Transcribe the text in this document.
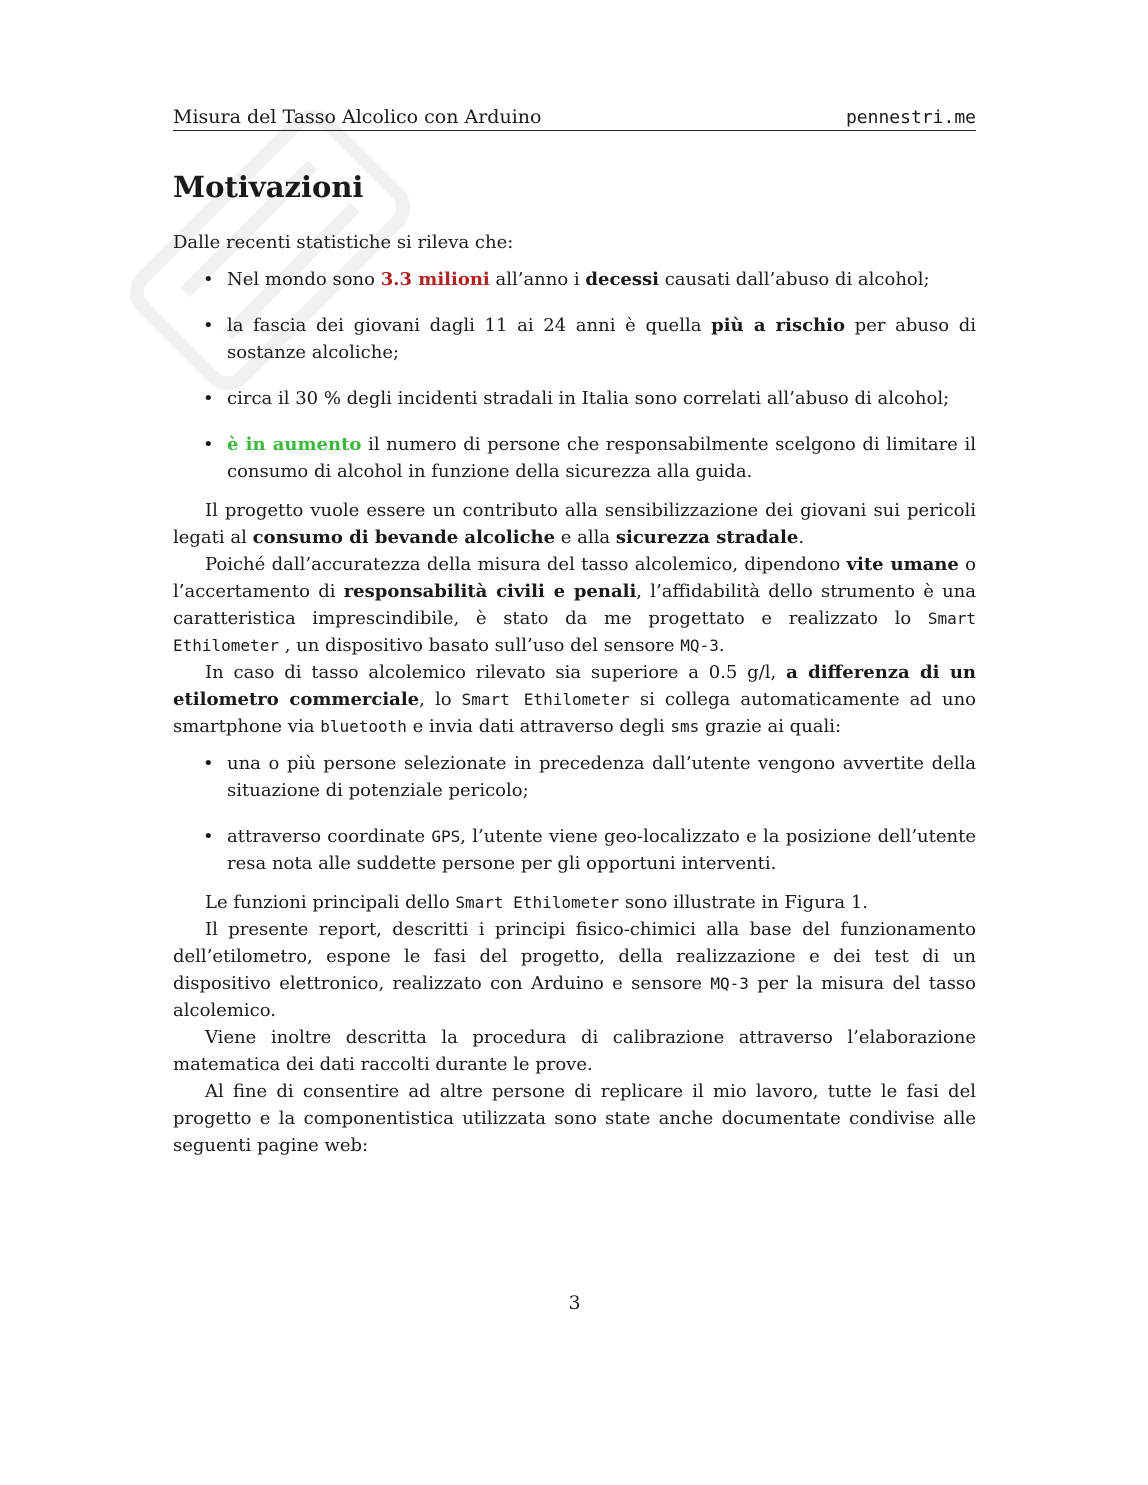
Misura del Tasso Alcolico con Arduino	pennestri.me
Motivazioni

Dalle recenti statistiche si rileva che:

• Nel mondo sono 3.3 milioni all’anno i decessi causati dall’abuso di alcohol;
• la fascia dei giovani dagli 11 ai 24 anni è quella più a rischio per abuso di sostanze alcoliche;
• circa il 30 % degli incidenti stradali in Italia sono correlati all’abuso di alcohol;
• è in aumento il numero di persone che responsabilmente scelgono di limitare il consumo di alcohol in funzione della sicurezza alla guida.

Il progetto vuole essere un contributo alla sensibilizzazione dei giovani sui pericoli legati al consumo di bevande alcoliche e alla sicurezza stradale.

Poiché dall’accuratezza della misura del tasso alcolemico, dipendono vite umane o l’accertamento di responsabilità civili e penali, l’affidabilità dello strumento è una caratteristica imprescindibile, è stato da me progettato e realizzato lo Smart Ethilometer , un dispositivo basato sull’uso del sensore MQ-3.

In caso di tasso alcolemico rilevato sia superiore a 0.5 g/l, a differenza di un etilometro commerciale, lo Smart Ethilometer si collega automaticamente ad uno smartphone via bluetooth e invia dati attraverso degli sms grazie ai quali:

• una o più persone selezionate in precedenza dall’utente vengono avvertite della situazione di potenziale pericolo;
• attraverso coordinate GPS, l’utente viene geo-localizzato e la posizione dell’utente resa nota alle suddette persone per gli opportuni interventi.

Le funzioni principali dello Smart Ethilometer sono illustrate in Figura 1.

Il presente report, descritti i principi fisico-chimici alla base del funzionamento dell’etilometro, espone le fasi del progetto, della realizzazione e dei test di un dispositivo elettronico, realizzato con Arduino e sensore MQ-3 per la misura del tasso alcolemico.

Viene inoltre descritta la procedura di calibrazione attraverso l’elaborazione matematica dei dati raccolti durante le prove.

Al fine di consentire ad altre persone di replicare il mio lavoro, tutte le fasi del progetto e la componentistica utilizzata sono state anche documentate condivise alle seguenti pagine web:

3
